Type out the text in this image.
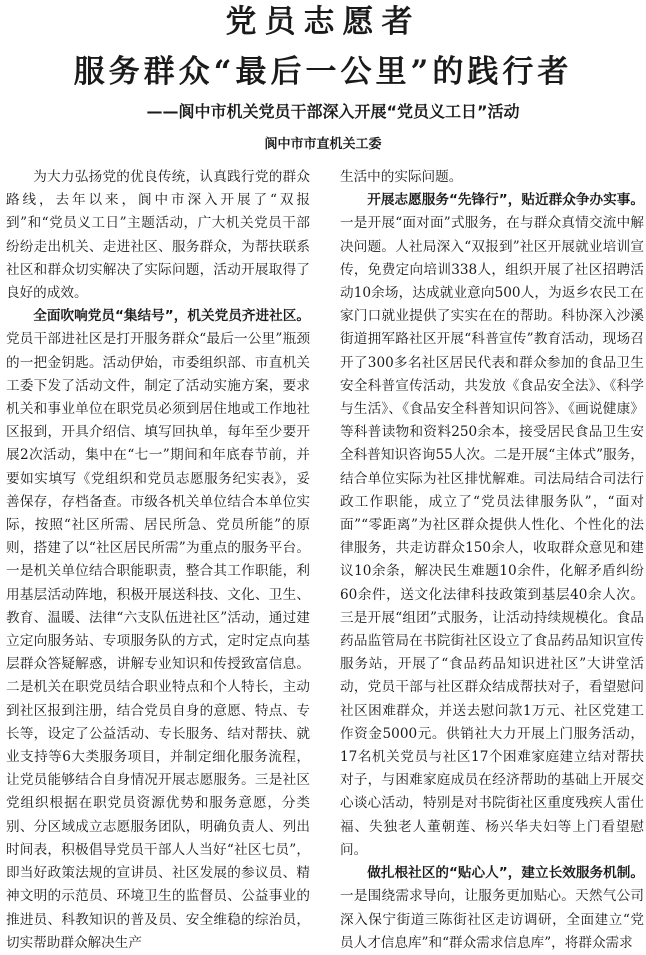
党员志愿者
服务群众“最后一公里”的践行者
——阆中市机关党员干部深入开展“党员义工日”活动
阆中市市直机关工委

为大力弘扬党的优良传统，认真践行党的群众路线，去年以来，阆中市深入开展了“双报到”和“党员义工日”主题活动，广大机关党员干部纷纷走出机关、走进社区、服务群众，为帮扶联系社区和群众切实解决了实际问题，活动开展取得了良好的成效。

全面吹响党员“集结号”，机关党员齐进社区。党员干部进社区是打开服务群众“最后一公里”瓶颈的一把金钥匙。活动伊始，市委组织部、市直机关工委下发了活动文件，制定了活动实施方案，要求机关和事业单位在职党员必须到居住地或工作地社区报到，开具介绍信、填写回执单，每年至少要开展2次活动，集中在“七一”期间和年底春节前，并要如实填写《党组织和党员志愿服务纪实表》，妥善保存，存档备查。市级各机关单位结合本单位实际，按照“社区所需、居民所急、党员所能”的原则，搭建了以“社区居民所需”为重点的服务平台。一是机关单位结合职能职责，整合其工作职能，利用基层活动阵地，积极开展送科技、文化、卫生、教育、温暖、法律“六支队伍进社区”活动，通过建立定向服务站、专项服务队的方式，定时定点向基层群众答疑解惑，讲解专业知识和传授致富信息。二是机关在职党员结合职业特点和个人特长，主动到社区报到注册，结合党员自身的意愿、特点、专长等，设定了公益活动、专长服务、结对帮扶、就业支持等6大类服务项目，并制定细化服务流程，让党员能够结合自身情况开展志愿服务。三是社区党组织根据在职党员资源优势和服务意愿，分类别、分区域成立志愿服务团队，明确负责人、列出时间表，积极倡导党员干部人人当好“社区七员”，即当好政策法规的宣讲员、社区发展的参议员、精神文明的示范员、环境卫生的监督员、公益事业的推进员、科教知识的普及员、安全维稳的综治员，切实帮助群众解决生产

生活中的实际问题。

开展志愿服务“先锋行”，贴近群众争办实事。一是开展“面对面”式服务，在与群众真情交流中解决问题。人社局深入“双报到”社区开展就业培训宣传，免费定向培训338人，组织开展了社区招聘活动10余场，达成就业意向500人，为返乡农民工在家门口就业提供了实实在在的帮助。科协深入沙溪街道拥军路社区开展“科普宣传”教育活动，现场召开了300多名社区居民代表和群众参加的食品卫生安全科普宣传活动，共发放《食品安全法》、《科学与生活》、《食品安全科普知识问答》、《画说健康》等科普读物和资料250余本，接受居民食品卫生安全科普知识咨询55人次。二是开展“主体式”服务，结合单位实际为社区排忧解难。司法局结合司法行政工作职能，成立了“党员法律服务队”，“面对面”“零距离”为社区群众提供人性化、个性化的法律服务，共走访群众150余人，收取群众意见和建议10余条，解决民生难题10余件，化解矛盾纠纷60余件，送文化法律科技政策到基层40余人次。三是开展“组团”式服务，让活动持续规模化。食品药品监管局在书院街社区设立了食品药品知识宣传服务站，开展了“食品药品知识进社区”大讲堂活动，党员干部与社区群众结成帮扶对子，看望慰问社区困难群众，并送去慰问款1万元、社区党建工作资金5000元。供销社大力开展上门服务活动，17名机关党员与社区17个困难家庭建立结对帮扶对子，与困难家庭成员在经济帮助的基础上开展交心谈心活动，特别是对书院街社区重度残疾人雷仕福、失独老人董朝莲、杨兴华夫妇等上门看望慰问。

做扎根社区的“贴心人”，建立长效服务机制。一是围绕需求导向，让服务更加贴心。天然气公司深入保宁街道三陈街社区走访调研，全面建立“党员人才信息库”和“群众需求信息库”，将群众需求
